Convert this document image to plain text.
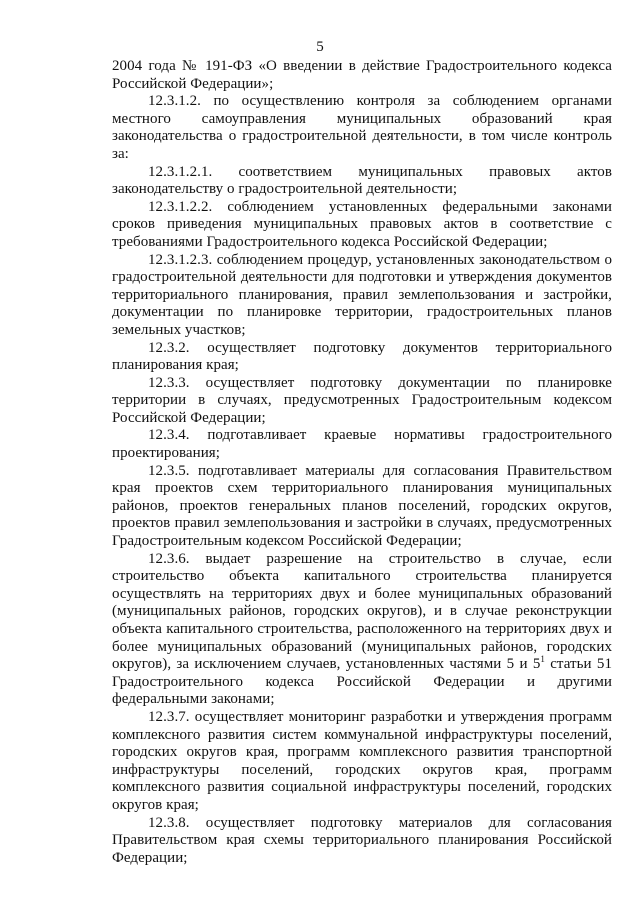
5

2004 года № 191-ФЗ «О введении в действие Градостроительного кодекса Российской Федерации»;

12.3.1.2. по осуществлению контроля за соблюдением органами местного самоуправления муниципальных образований края законодательства о градостроительной деятельности, в том числе контроль за:

12.3.1.2.1. соответствием муниципальных правовых актов законодательству о градостроительной деятельности;

12.3.1.2.2. соблюдением установленных федеральными законами сроков приведения муниципальных правовых актов в соответствие с требованиями Градостроительного кодекса Российской Федерации;

12.3.1.2.3. соблюдением процедур, установленных законодательством о градостроительной деятельности для подготовки и утверждения документов территориального планирования, правил землепользования и застройки, документации по планировке территории, градостроительных планов земельных участков;

12.3.2. осуществляет подготовку документов территориального планирования края;

12.3.3. осуществляет подготовку документации по планировке территории в случаях, предусмотренных Градостроительным кодексом Российской Федерации;

12.3.4. подготавливает краевые нормативы градостроительного проектирования;

12.3.5. подготавливает материалы для согласования Правительством края проектов схем территориального планирования муниципальных районов, проектов генеральных планов поселений, городских округов, проектов правил землепользования и застройки в случаях, предусмотренных Градостроительным кодексом Российской Федерации;

12.3.6. выдает разрешение на строительство в случае, если строительство объекта капитального строительства планируется осуществлять на территориях двух и более муниципальных образований (муниципальных районов, городских округов), и в случае реконструкции объекта капитального строительства, расположенного на территориях двух и более муниципальных образований (муниципальных районов, городских округов), за исключением случаев, установленных частями 5 и $5^1$ статьи 51 Градостроительного кодекса Российской Федерации и другими федеральными законами;

12.3.7. осуществляет мониторинг разработки и утверждения программ комплексного развития систем коммунальной инфраструктуры поселений, городских округов края, программ комплексного развития транспортной инфраструктуры поселений, городских округов края, программ комплексного развития социальной инфраструктуры поселений, городских округов края;

12.3.8. осуществляет подготовку материалов для согласования Правительством края схемы территориального планирования Российской Федерации;
